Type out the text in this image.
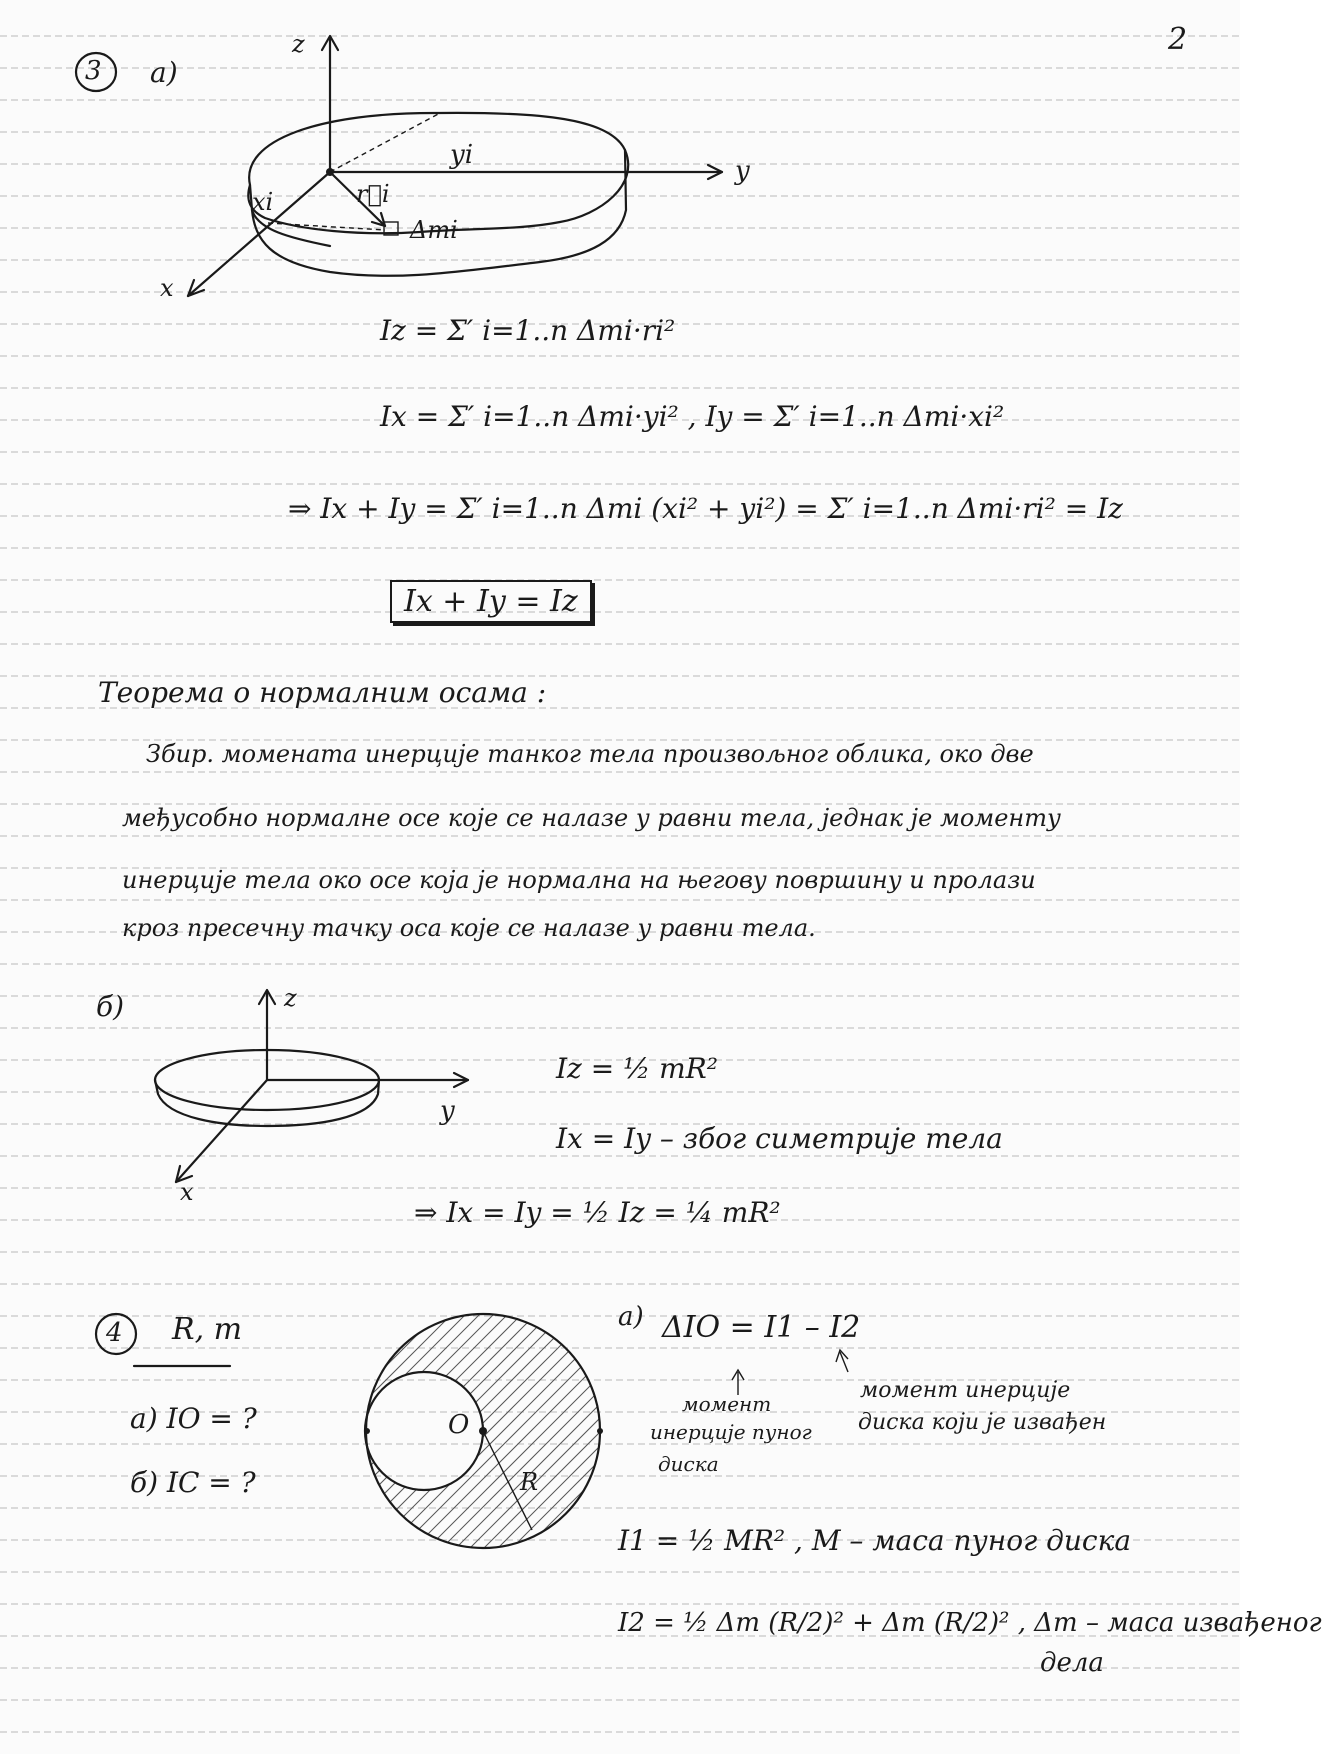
2
3 a)
z
y
x
yi
xi	r⃗i
Δmi
Iz = Σ′ i=1..n Δmi·ri²
Ix = Σ′ i=1..n Δmi·yi² , Iy = Σ′ i=1..n Δmi·xi²
⇒ Ix + Iy = Σ′ i=1..n Δmi (xi² + yi²) = Σ′ i=1..n Δmi·ri² = Iz
Ix + Iy = Iz
Теорема о нормалним осама :
Збир. момената инерције танког тела произвољног облика, око две
међусобно нормалне осе које се налазе у равни тела, једнак је моменту
инерције тела око осе која је нормална на његову површину и пролази
кроз пресечну тачку оса које се налазе у равни тела.
б)	z
y
x
Iz = ½ mR²
Ix = Iy – због симетрије тела
⇒ Ix = Iy = ½ Iz = ¼ mR²
4 R, m
а) IO = ?
б) IC = ?
O
R
а) ΔIO = I1 – I2
момент
инерције пуног
диска
момент инерције
диска који је извађен
I1 = ½ MR² , M – маса пуног диска
I2 = ½ Δm (R/2)² + Δm (R/2)² , Δm – маса извађеног
дела
